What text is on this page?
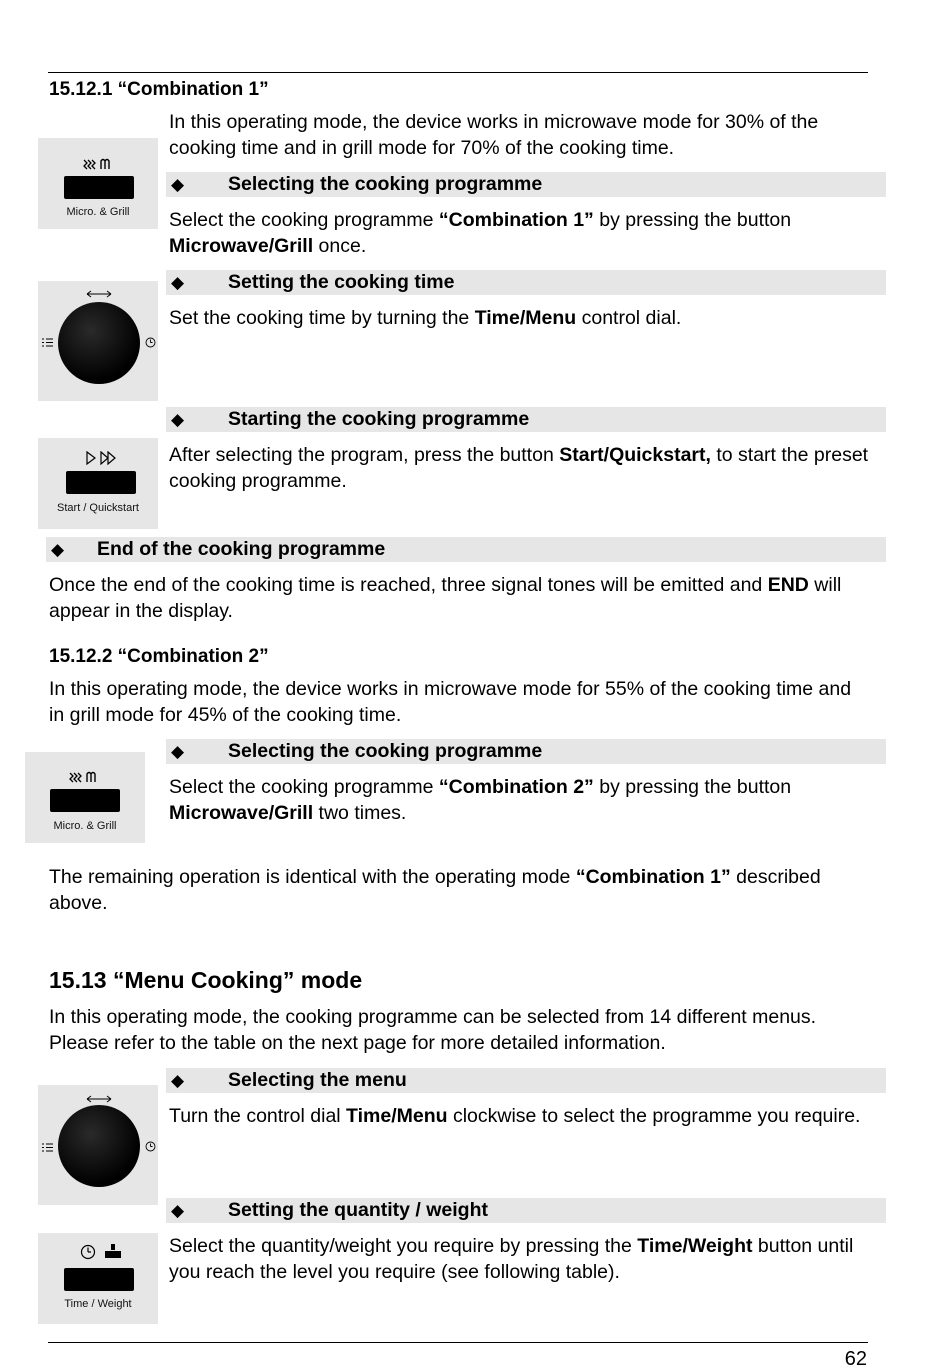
15.12.1 “Combination 1”
In this operating mode, the device works in microwave mode for 30% of the cooking time and in grill mode for 70% of the cooking time.
Micro. & Grill
◆ Selecting the cooking programme
Select the cooking programme “Combination 1” by pressing the button Microwave/Grill once.
◆ Setting the cooking time
Set the cooking time by turning the Time/Menu control dial.
◆ Starting the cooking programme
Start / Quickstart
After selecting the program, press the button Start/Quickstart, to start the preset cooking programme.
◆ End of the cooking programme
Once the end of the cooking time is reached, three signal tones will be emitted and END will appear in the display.
15.12.2 “Combination 2”
In this operating mode, the device works in microwave mode for 55% of the cooking time and in grill mode for 45% of the cooking time.
Micro. & Grill
◆ Selecting the cooking programme
Select the cooking programme “Combination 2” by pressing the button Microwave/Grill two times.
The remaining operation is identical with the operating mode “Combination 1” described above.
15.13 “Menu Cooking” mode
In this operating mode, the cooking programme can be selected from 14 different menus. Please refer to the table on the next page for more detailed information.
◆ Selecting the menu
Turn the control dial Time/Menu clockwise to select the programme you require.
◆ Setting the quantity / weight
Time / Weight
Select the quantity/weight you require by pressing the Time/Weight button until you reach the level you require (see following table).
62
